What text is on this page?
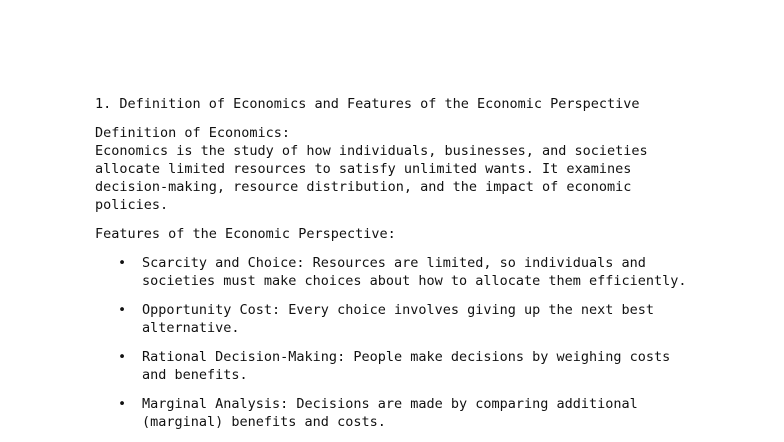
1. Definition of Economics and Features of the Economic Perspective
Definition of Economics:
Economics is the study of how individuals, businesses, and societies allocate limited resources to satisfy unlimited wants. It examines decision-making, resource distribution, and the impact of economic policies.
Features of the Economic Perspective:
• Scarcity and Choice: Resources are limited, so individuals and societies must make choices about how to allocate them efficiently.
• Opportunity Cost: Every choice involves giving up the next best alternative.
• Rational Decision-Making: People make decisions by weighing costs and benefits.
• Marginal Analysis: Decisions are made by comparing additional (marginal) benefits and costs.
